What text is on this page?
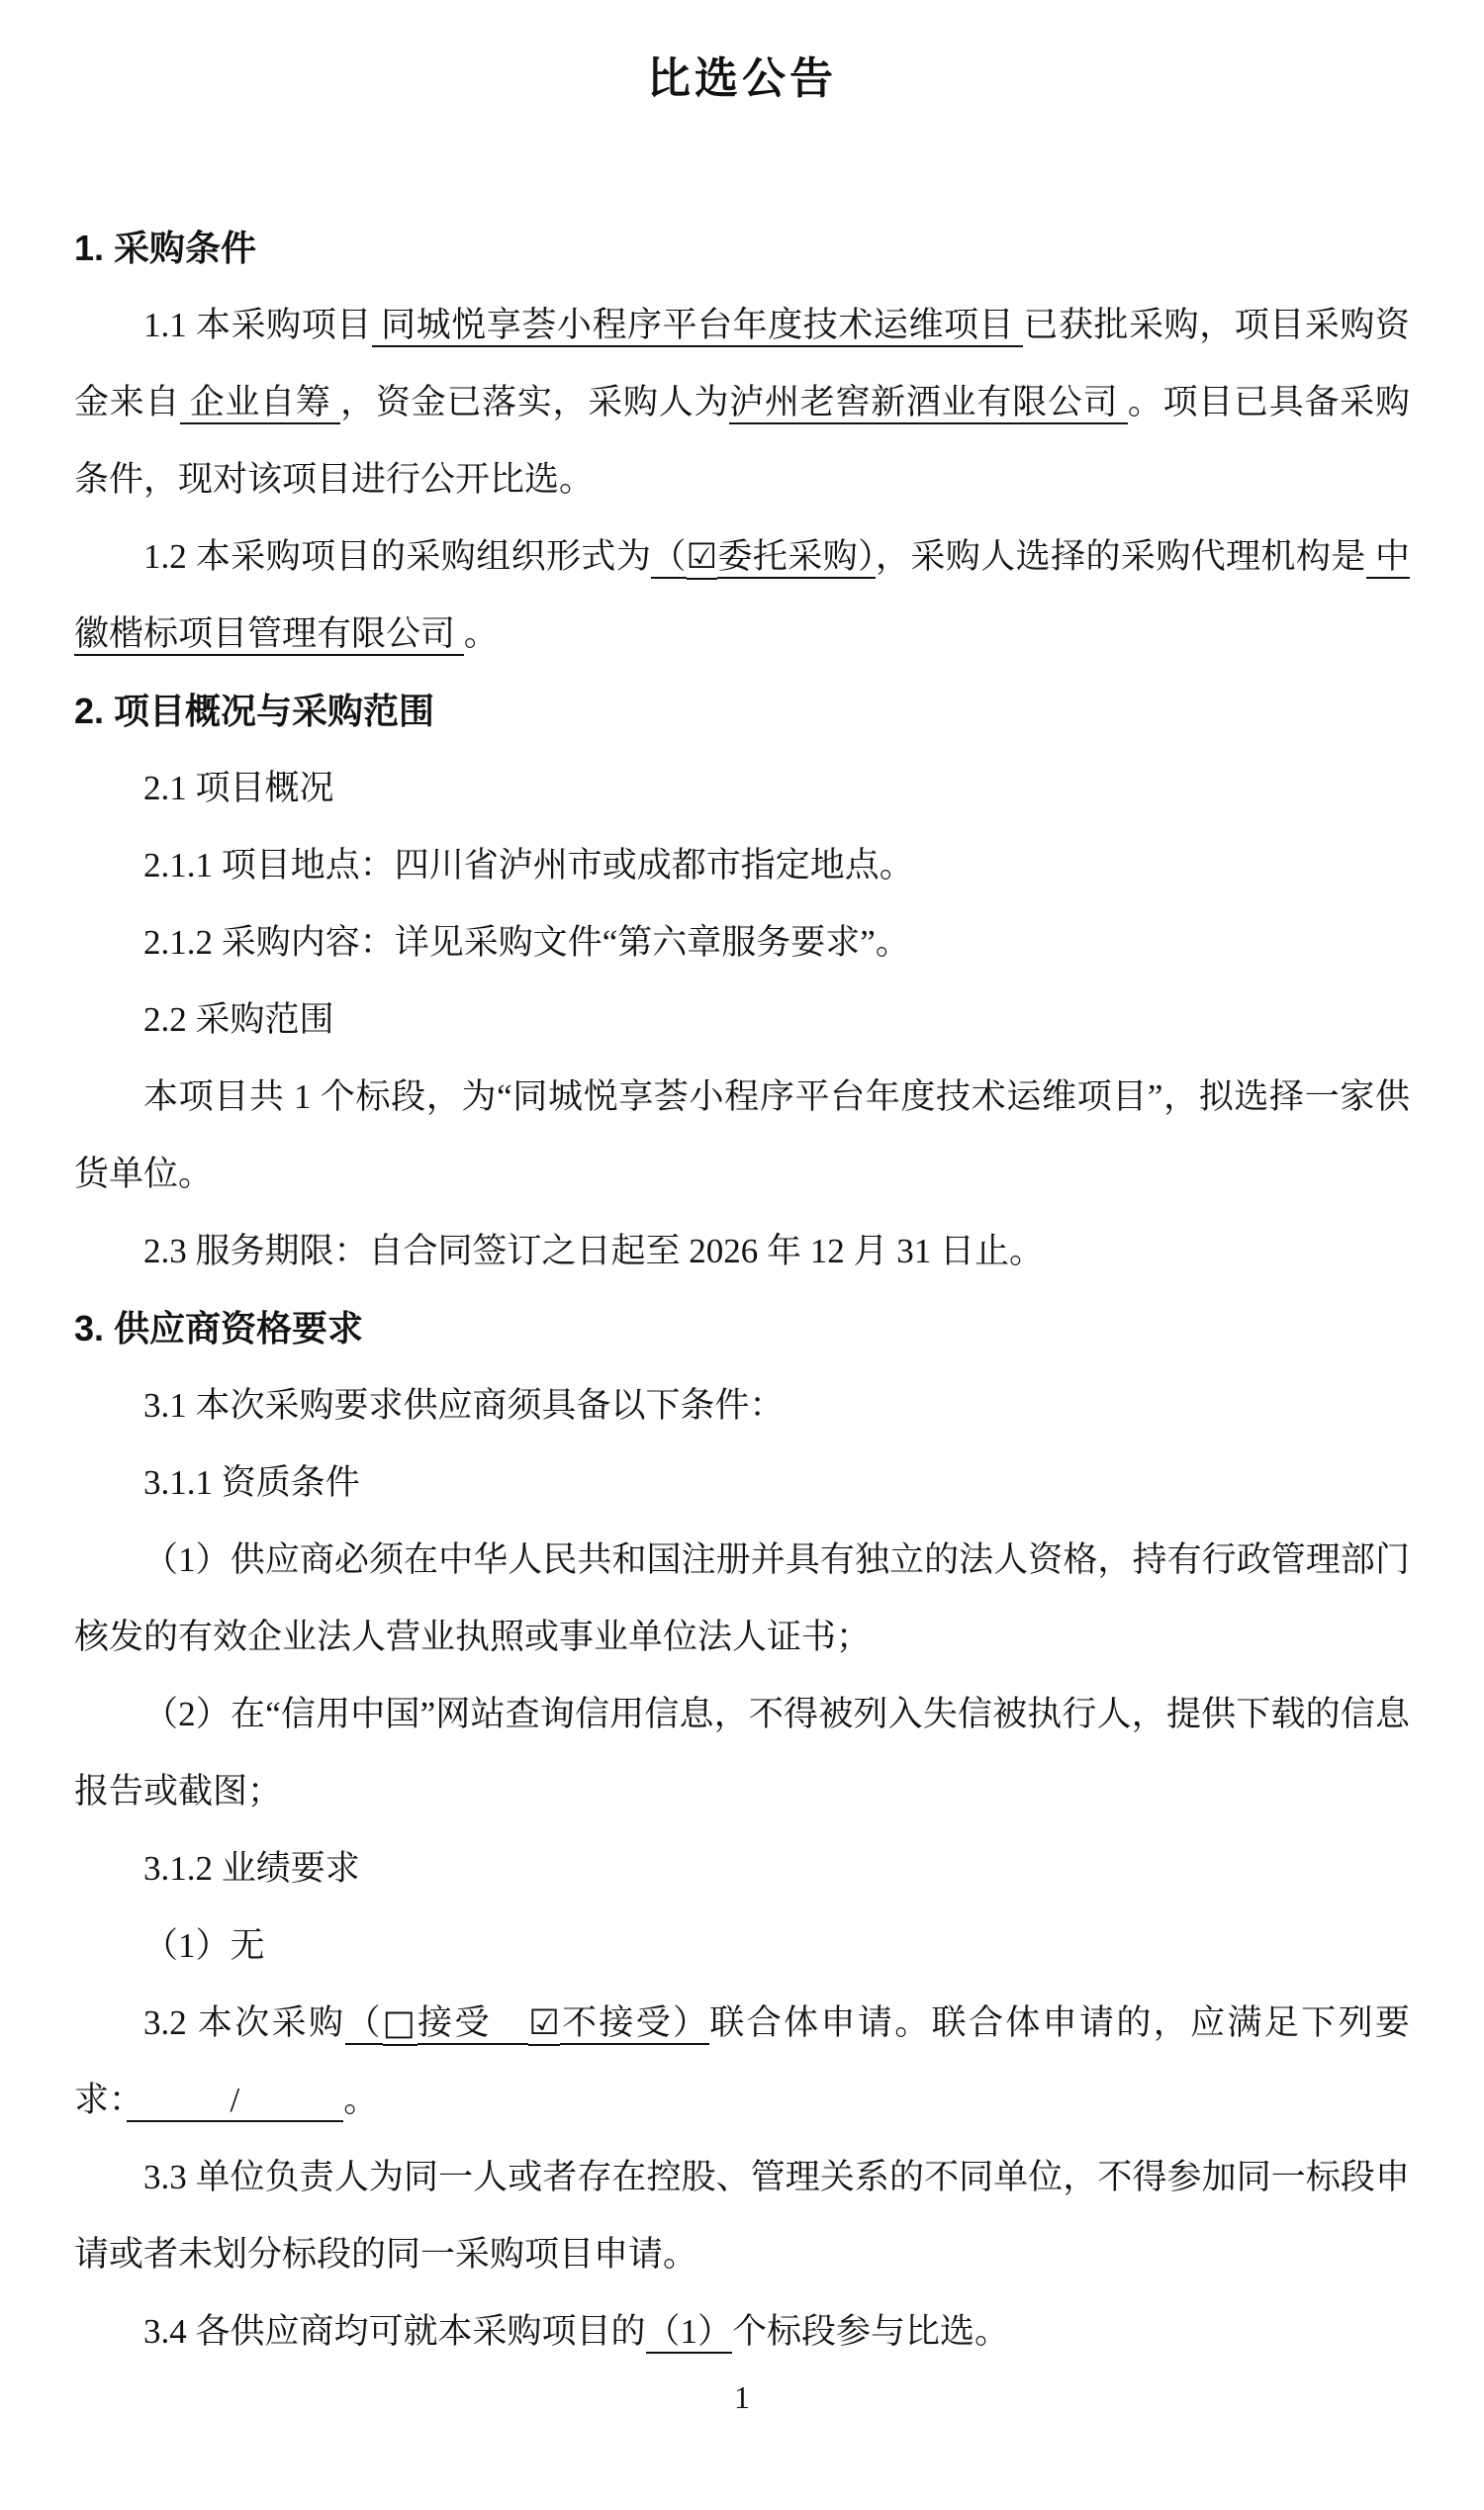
比选公告

1. 采购条件

1.1 本采购项目 同城悦享荟小程序平台年度技术运维项目 已获批采购，项目采购资金来自 企业自筹 ，资金已落实，采购人为泸州老窖新酒业有限公司 。项目已具备采购条件，现对该项目进行公开比选。

1.2 本采购项目的采购组织形式为（☑委托采购），采购人选择的采购代理机构是 中徽楷标项目管理有限公司 。

2. 项目概况与采购范围

2.1 项目概况

2.1.1 项目地点：四川省泸州市或成都市指定地点。

2.1.2 采购内容：详见采购文件“第六章服务要求”。

2.2 采购范围

本项目共 1 个标段，为“同城悦享荟小程序平台年度技术运维项目”，拟选择一家供货单位。

2.3 服务期限：自合同签订之日起至 2026 年 12 月 31 日止。

3. 供应商资格要求

3.1 本次采购要求供应商须具备以下条件：

3.1.1 资质条件

（1）供应商必须在中华人民共和国注册并具有独立的法人资格，持有行政管理部门核发的有效企业法人营业执照或事业单位法人证书；

（2）在“信用中国”网站查询信用信息，不得被列入失信被执行人，提供下载的信息报告或截图；

3.1.2 业绩要求

（1）无

3.2 本次采购（□接受　☑不接受）联合体申请。联合体申请的，应满足下列要求：　　　/　　　。

3.3 单位负责人为同一人或者存在控股、管理关系的不同单位，不得参加同一标段申请或者未划分标段的同一采购项目申请。

3.4 各供应商均可就本采购项目的（1）个标段参与比选。

1
